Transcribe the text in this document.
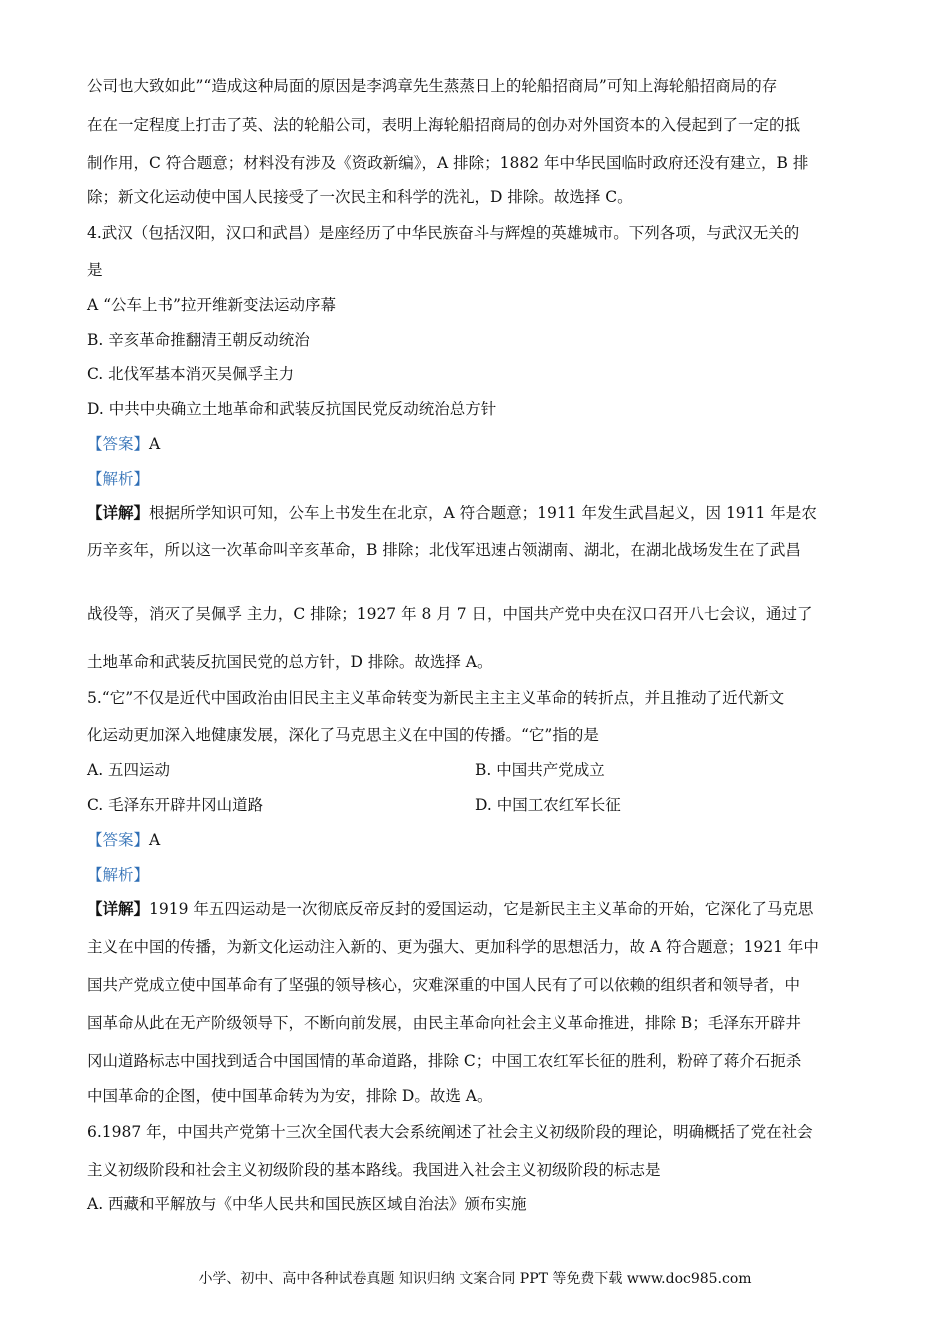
公司也大致如此”“造成这种局面的原因是李鸿章先生蒸蒸日上的轮船招商局”可知上海轮船招商局的存
在在一定程度上打击了英、法的轮船公司，表明上海轮船招商局的创办对外国资本的入侵起到了一定的抵
制作用，C 符合题意；材料没有涉及《资政新编》，A 排除；1882 年中华民国临时政府还没有建立，B 排
除；新文化运动使中国人民接受了一次民主和科学的洗礼，D 排除。故选择 C。
4.武汉（包括汉阳，汉口和武昌）是座经历了中华民族奋斗与辉煌的英雄城市。下列各项，与武汉无关的
是
A “公车上书”拉开维新变法运动序幕
B. 辛亥革命推翻清王朝反动统治
C. 北伐军基本消灭吴佩孚主力
D. 中共中央确立土地革命和武装反抗国民党反动统治总方针
【答案】A
【解析】
【详解】根据所学知识可知，公车上书发生在北京，A 符合题意；1911 年发生武昌起义，因 1911 年是农
历辛亥年，所以这一次革命叫辛亥革命，B 排除；北伐军迅速占领湖南、湖北，在湖北战场发生在了武昌
战役等，消灭了吴佩孚 主力，C 排除；1927 年 8 月 7 日，中国共产党中央在汉口召开八七会议，通过了
土地革命和武装反抗国民党的总方针，D 排除。故选择 A。
5.“它”不仅是近代中国政治由旧民主主义革命转变为新民主主主义革命的转折点，并且推动了近代新文
化运动更加深入地健康发展，深化了马克思主义在中国的传播。“它”指的是
A. 五四运动	B. 中国共产党成立
C. 毛泽东开辟井冈山道路	D. 中国工农红军长征
【答案】A
【解析】
【详解】1919 年五四运动是一次彻底反帝反封的爱国运动，它是新民主主义革命的开始，它深化了马克思
主义在中国的传播，为新文化运动注入新的、更为强大、更加科学的思想活力，故 A 符合题意；1921 年中
国共产党成立使中国革命有了坚强的领导核心，灾难深重的中国人民有了可以依赖的组织者和领导者，中
国革命从此在无产阶级领导下，不断向前发展，由民主革命向社会主义革命推进，排除 B；毛泽东开辟井
冈山道路标志中国找到适合中国国情的革命道路，排除 C；中国工农红军长征的胜利，粉碎了蒋介石扼杀
中国革命的企图，使中国革命转为为安，排除 D。故选 A。
6.1987 年，中国共产党第十三次全国代表大会系统阐述了社会主义初级阶段的理论，明确概括了党在社会
主义初级阶段和社会主义初级阶段的基本路线。我国进入社会主义初级阶段的标志是
A. 西藏和平解放与《中华人民共和国民族区域自治法》颁布实施
小学、初中、高中各种试卷真题 知识归纳 文案合同 PPT 等免费下载 www.doc985.com
